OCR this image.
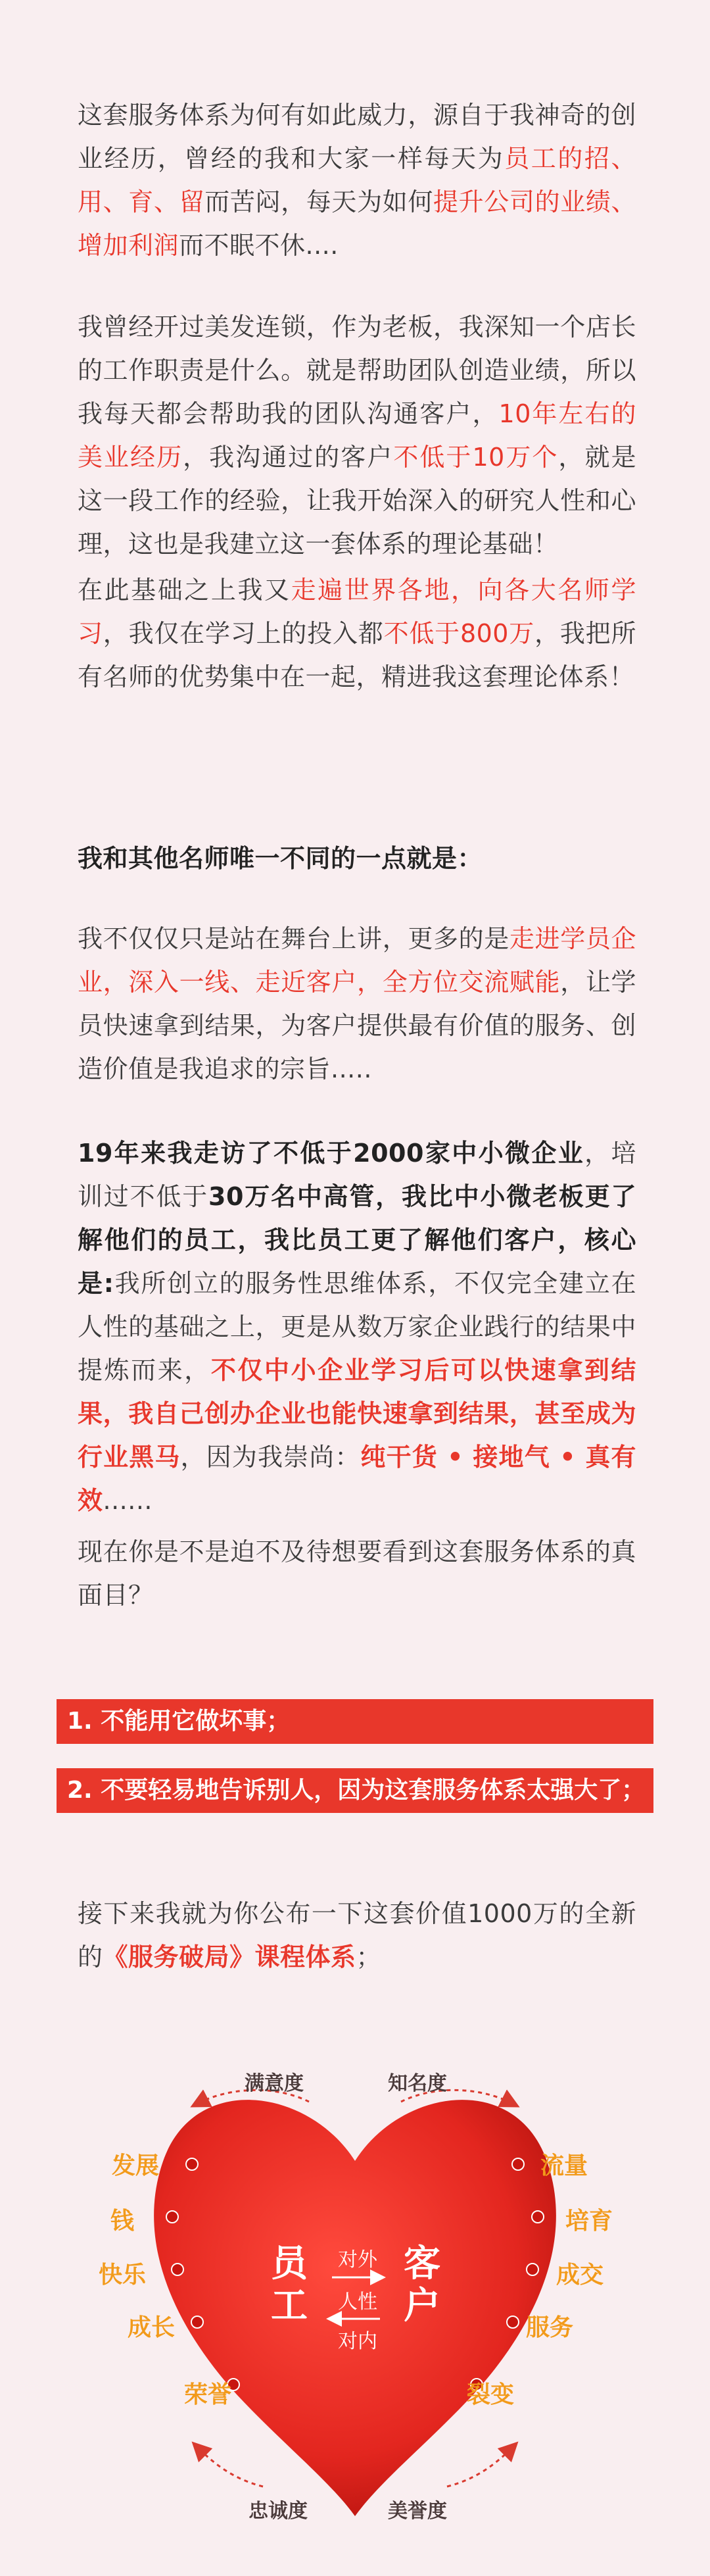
这套服务体系为何有如此威力，源自于我神奇的创业经历，曾经的我和大家一样每天为员工的招、用、育、留而苦闷，每天为如何提升公司的业绩、增加利润而不眠不休....

我曾经开过美发连锁，作为老板，我深知一个店长的工作职责是什么。就是帮助团队创造业绩，所以我每天都会帮助我的团队沟通客户，10年左右的美业经历，我沟通过的客户不低于10万个，就是这一段工作的经验，让我开始深入的研究人性和心理，这也是我建立这一套体系的理论基础！

在此基础之上我又走遍世界各地，向各大名师学习，我仅在学习上的投入都不低于800万，我把所有名师的优势集中在一起，精进我这套理论体系！

我和其他名师唯一不同的一点就是：

我不仅仅只是站在舞台上讲，更多的是走进学员企业，深入一线、走近客户，全方位交流赋能，让学员快速拿到结果，为客户提供最有价值的服务、创造价值是我追求的宗旨.....

19年来我走访了不低于2000家中小微企业，培训过不低于30万名中高管，我比中小微老板更了解他们的员工，我比员工更了解他们客户，核心是:我所创立的服务性思维体系，不仅完全建立在人性的基础之上，更是从数万家企业践行的结果中提炼而来，不仅中小企业学习后可以快速拿到结果，我自己创办企业也能快速拿到结果，甚至成为行业黑马，因为我崇尚：纯干货 • 接地气 • 真有效......

现在你是不是迫不及待想要看到这套服务体系的真面目？

1. 不能用它做坏事；
2. 不要轻易地告诉别人，因为这套服务体系太强大了；

接下来我就为你公布一下这套价值1000万的全新的《服务破局》课程体系；

满意度	知名度
忠诚度	美誉度
发展
钱
快乐
成长
荣誉
流量
培育
成交
服务
裂变
员工
客户
对外
人性
对内
